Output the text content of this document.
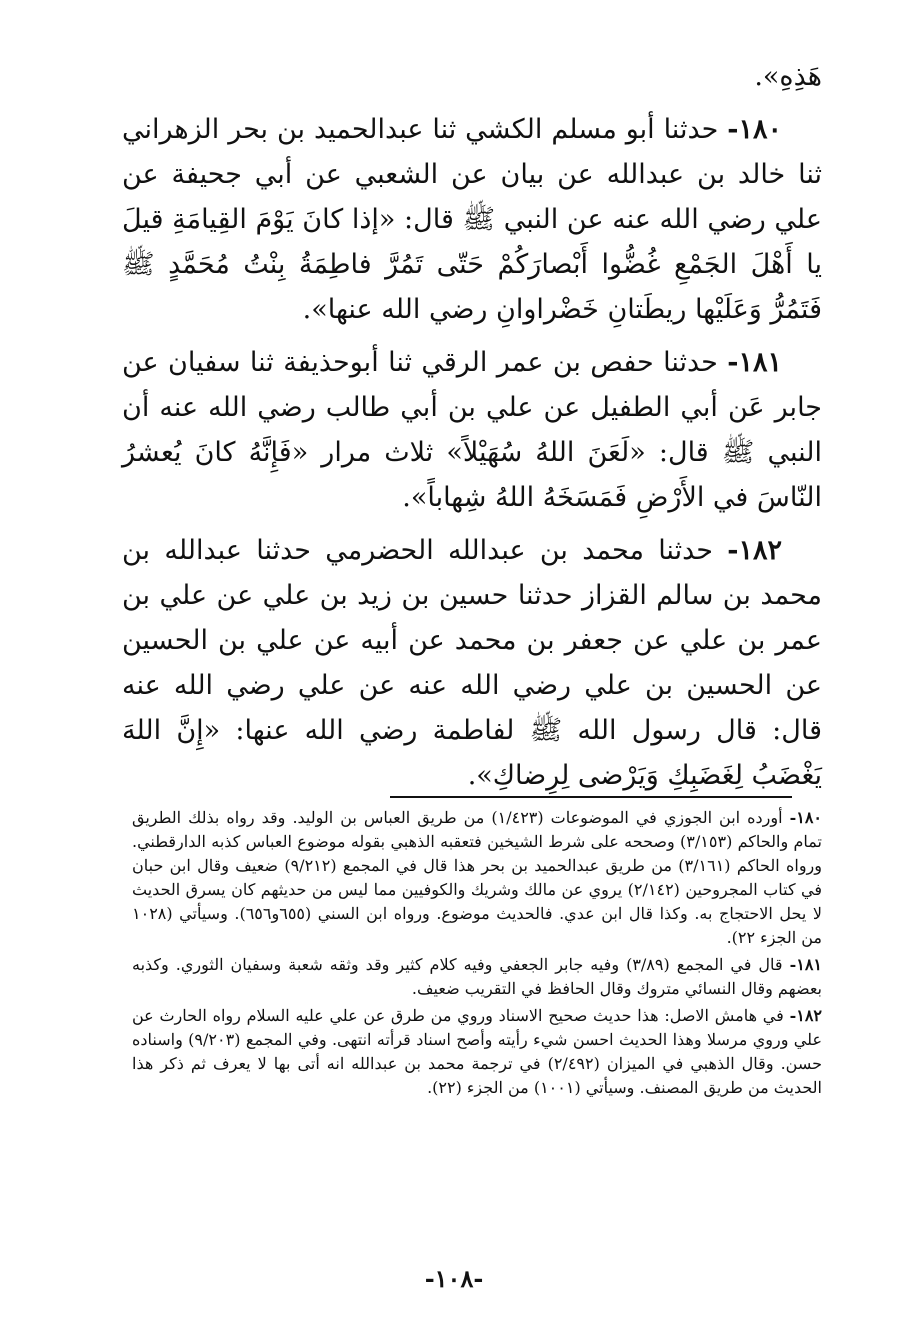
هَذِهِ».

١٨٠- حدثنا أبو مسلم الكشي ثنا عبدالحميد بن بحر الزهراني ثنا خالد بن عبدالله عن بيان عن الشعبي عن أبي جحيفة عن علي رضي الله عنه عن النبي ﷺ قال: «إذا كانَ يَوْمَ القِيامَةِ قيلَ يا أَهْلَ الجَمْعِ غُضُّوا أَبْصارَكُمْ حَتّى تَمُرَّ فاطِمَةُ بِنْتُ مُحَمَّدٍ ﷺ فَتَمُرُّ وَعَلَيْها ريطَتانِ خَضْراوانِ رضي الله عنها».

١٨١- حدثنا حفص بن عمر الرقي ثنا أبوحذيفة ثنا سفيان عن جابر عَن أبي الطفيل عن علي بن أبي طالب رضي الله عنه أن النبي ﷺ قال: «لَعَنَ اللهُ سُهَيْلاً» ثلاث مرار «فَإِنَّهُ كانَ يُعشرُ النّاسَ في الأَرْضِ فَمَسَخَهُ اللهُ شِهاباً».

١٨٢- حدثنا محمد بن عبدالله الحضرمي حدثنا عبدالله بن محمد بن سالم القزاز حدثنا حسين بن زيد بن علي عن علي بن عمر بن علي عن جعفر بن محمد عن أبيه عن علي بن الحسين عن الحسين بن علي رضي الله عنه عن علي رضي الله عنه قال: قال رسول الله ﷺ لفاطمة رضي الله عنها: «إِنَّ اللهَ يَغْضَبُ لِغَضَبِكِ وَيَرْضى لِرِضاكِ».

١٨٠- أورده ابن الجوزي في الموضوعات (١/٤٢٣) من طريق العباس بن الوليد. وقد رواه بذلك الطريق تمام والحاكم (٣/١٥٣) وصححه على شرط الشيخين فتعقبه الذهبي بقوله موضوع العباس كذبه الدارقطني. ورواه الحاكم (٣/١٦١) من طريق عبدالحميد بن بحر هذا قال في المجمع (٩/٢١٢) ضعيف وقال ابن حبان في كتاب المجروحين (٢/١٤٢) يروي عن مالك وشريك والكوفيين مما ليس من حديثهم كان يسرق الحديث لا يحل الاحتجاج به. وكذا قال ابن عدي. فالحديث موضوع. ورواه ابن السني (٦٥٥و٦٥٦). وسيأتي (١٠٢٨ من الجزء ٢٢).

١٨١- قال في المجمع (٣/٨٩) وفيه جابر الجعفي وفيه كلام كثير وقد وثقه شعبة وسفيان الثوري. وكذبه بعضهم وقال النسائي متروك وقال الحافظ في التقريب ضعيف.

١٨٢- في هامش الاصل: هذا حديث صحيح الاسناد وروي من طرق عن علي عليه السلام رواه الحارث عن علي وروي مرسلا وهذا الحديث احسن شيء رأيته وأصح اسناد قرأته انتهى. وفي المجمع (٩/٢٠٣) واسناده حسن. وقال الذهبي في الميزان (٢/٤٩٢) في ترجمة محمد بن عبدالله انه أتى بها لا يعرف ثم ذكر هذا الحديث من طريق المصنف. وسيأتي (١٠٠١) من الجزء (٢٢).

-١٠٨-
